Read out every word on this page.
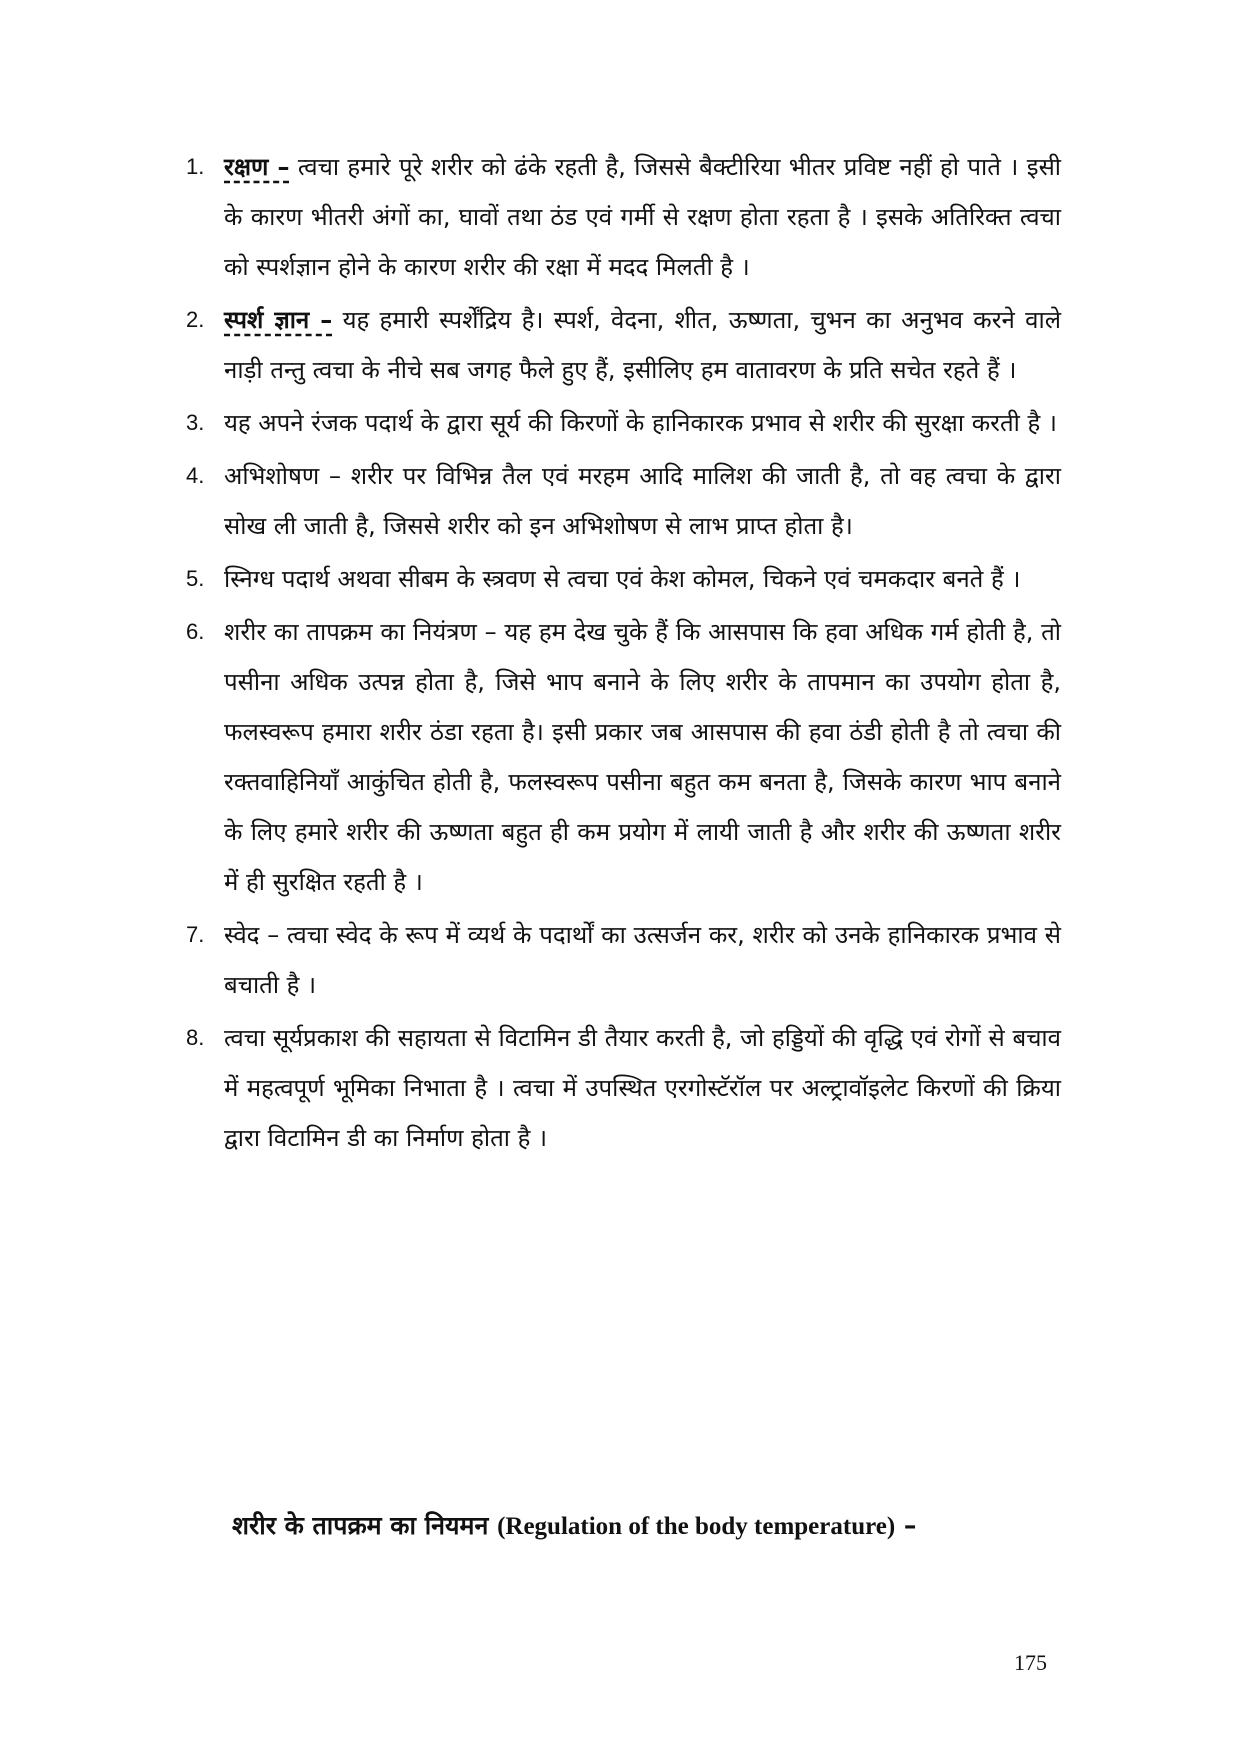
1. रक्षण – त्वचा हमारे पूरे शरीर को ढंके रहती है, जिससे बैक्टीरिया भीतर प्रविष्ट नहीं हो पाते । इसी के कारण भीतरी अंगों का, घावों तथा ठंड एवं गर्मी से रक्षण होता रहता है । इसके अतिरिक्त त्वचा को स्पर्शज्ञान होने के कारण शरीर की रक्षा में मदद मिलती है ।
2. स्पर्श ज्ञान – यह हमारी स्पर्शेंद्रिय है। स्पर्श, वेदना, शीत, ऊष्णता, चुभन का अनुभव करने वाले नाड़ी तन्तु त्वचा के नीचे सब जगह फैले हुए हैं, इसीलिए हम वातावरण के प्रति सचेत रहते हैं ।
3. यह अपने रंजक पदार्थ के द्वारा सूर्य की किरणों के हानिकारक प्रभाव से शरीर की सुरक्षा करती है ।
4. अभिशोषण – शरीर पर विभिन्न तैल एवं मरहम आदि मालिश की जाती है, तो वह त्वचा के द्वारा सोख ली जाती है, जिससे शरीर को इन अभिशोषण से लाभ प्राप्त होता है।
5. स्निग्ध पदार्थ अथवा सीबम के स्त्रवण से त्वचा एवं केश कोमल, चिकने एवं चमकदार बनते हैं ।
6. शरीर का तापक्रम का नियंत्रण – यह हम देख चुके हैं कि आसपास कि हवा अधिक गर्म होती है, तो पसीना अधिक उत्पन्न होता है, जिसे भाप बनाने के लिए शरीर के तापमान का उपयोग होता है, फलस्वरूप हमारा शरीर ठंडा रहता है। इसी प्रकार जब आसपास की हवा ठंडी होती है तो त्वचा की रक्तवाहिनियाँ आकुंचित होती है, फलस्वरूप पसीना बहुत कम बनता है, जिसके कारण भाप बनाने के लिए हमारे शरीर की ऊष्णता बहुत ही कम प्रयोग में लायी जाती है और शरीर की ऊष्णता शरीर में ही सुरक्षित रहती है ।
7. स्वेद – त्वचा स्वेद के रूप में व्यर्थ के पदार्थों का उत्सर्जन कर, शरीर को उनके हानिकारक प्रभाव से बचाती है ।
8. त्वचा सूर्यप्रकाश की सहायता से विटामिन डी तैयार करती है, जो हड्डियों की वृद्धि एवं रोगों से बचाव में महत्वपूर्ण भूमिका निभाता है । त्वचा में उपस्थित एरगोस्टॅरॉल पर अल्ट्रावॉइलेट किरणों की क्रिया द्वारा विटामिन डी का निर्माण होता है ।
शरीर के तापक्रम का नियमन (Regulation of the body temperature) –
175
